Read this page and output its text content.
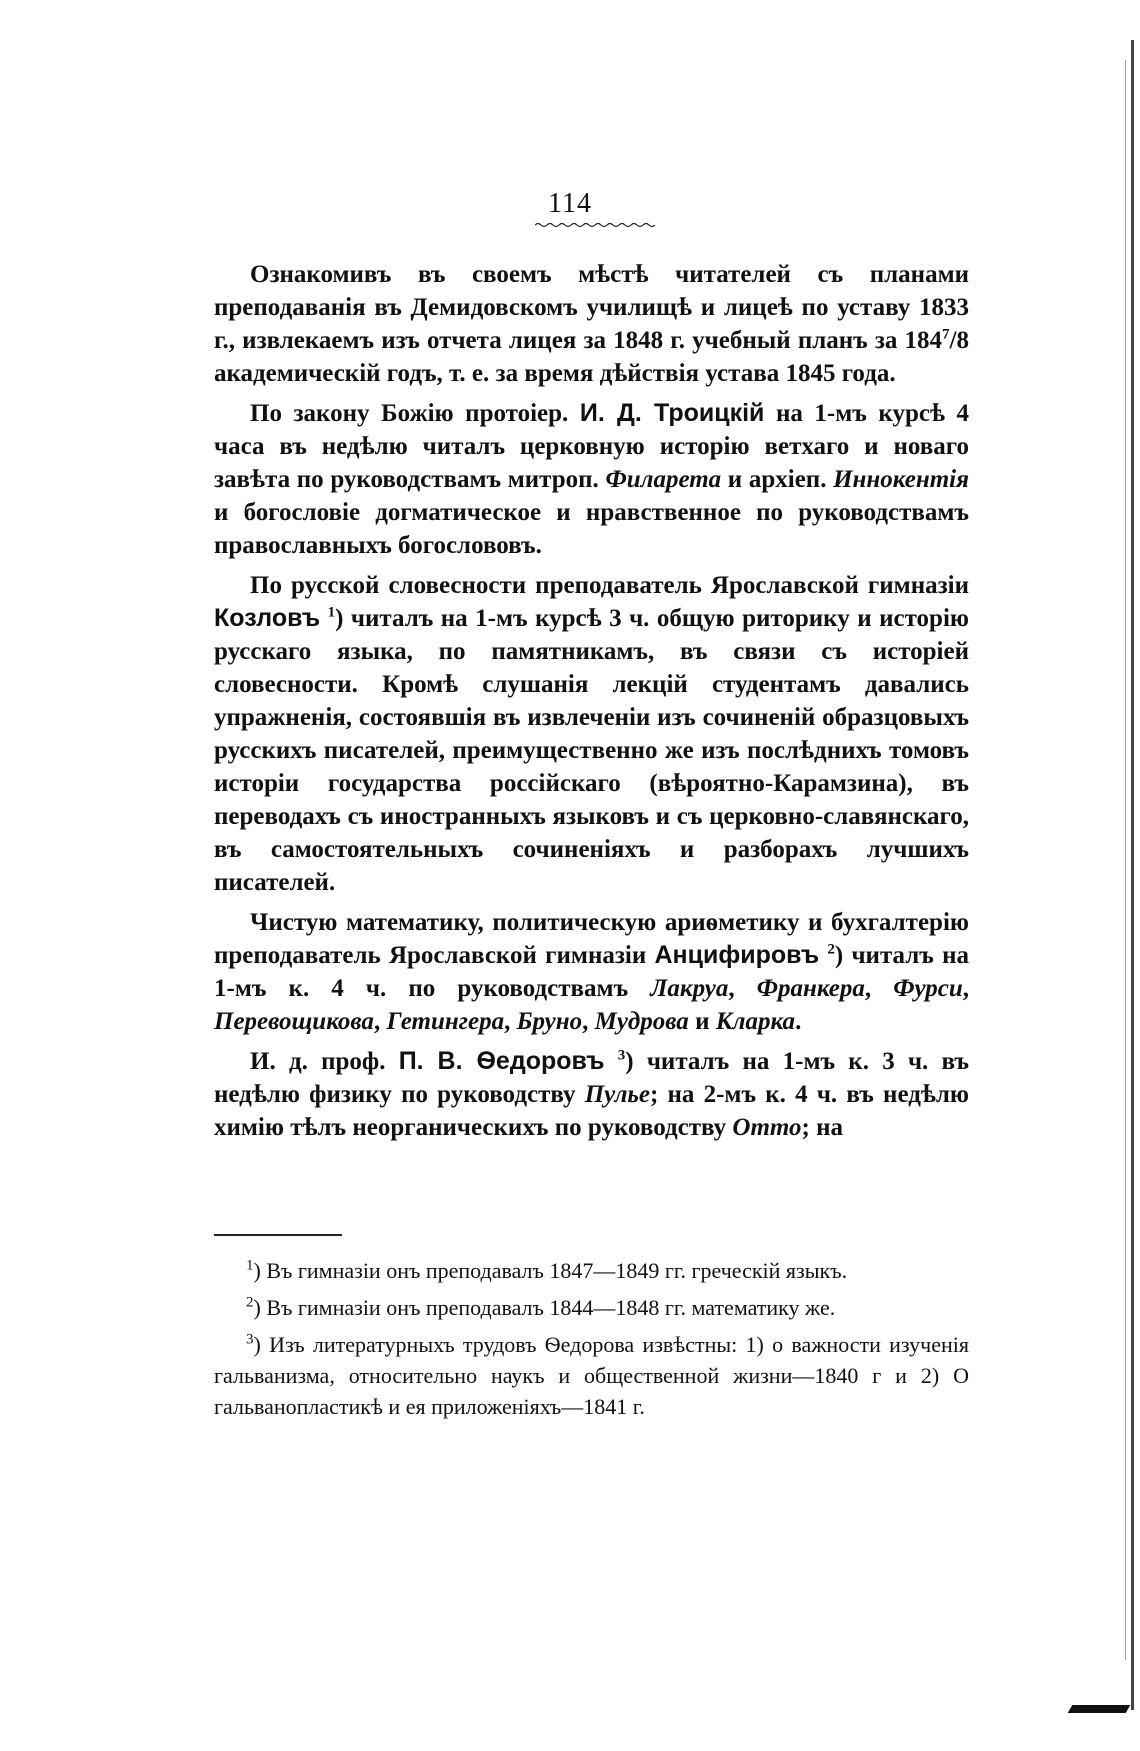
114

Ознакомивъ въ своемъ мѣстѣ читателей съ планами преподаванія въ Демидовскомъ училищѣ и лицеѣ по уставу 1833 г., извлекаемъ изъ отчета лицея за 1848 г. учебный планъ за $184^7/8$ академическій годъ, т. е. за время дѣйствія устава 1845 года.

По закону Божію протоіер. И. Д. Троицкій на 1-мъ курсѣ 4 часа въ недѣлю читалъ церковную исторію ветхаго и новаго завѣта по руководствамъ митроп. Филарета и архіеп. Иннокентія и богословіе догматическое и нравственное по руководствамъ православныхъ богослововъ.

По русской словесности преподаватель Ярославской гимназіи Козловъ $^1$) читалъ на 1-мъ курсѣ 3 ч. общую риторику и исторію русскаго языка, по памятникамъ, въ связи съ исторіей словесности. Кромѣ слушанія лекцій студентамъ давались упражненія, состоявшія въ извлеченіи изъ сочиненій образцовыхъ русскихъ писателей, преимущественно же изъ послѣднихъ томовъ исторіи государства россійскаго (вѣроятно-Карамзина), въ переводахъ съ иностранныхъ языковъ и съ церковно-славянскаго, въ самостоятельныхъ сочиненіяхъ и разборахъ лучшихъ писателей.

Чистую математику, политическую ариѳметику и бухгалтерію преподаватель Ярославской гимназіи Анцифировъ $^2$) читалъ на 1-мъ к. 4 ч. по руководствамъ Лакруа, Франкера, Фурси, Перевощикова, Гетингера, Бруно, Мудрова и Кларка.

И. д. проф. П. В. Ѳедоровъ $^3$) читалъ на 1-мъ к. 3 ч. въ недѣлю физику по руководству Пулье; на 2-мъ к. 4 ч. въ недѣлю химію тѣлъ неорганическихъ по руководству Отто; на

$^1$) Въ гимназіи онъ преподавалъ 1847—1849 гг. греческій языкъ.

$^2$) Въ гимназіи онъ преподавалъ 1844—1848 гг. математику же.

$^3$) Изъ литературныхъ трудовъ Ѳедорова извѣстны: 1) о важности изученія гальванизма, относительно наукъ и общественной жизни—1840 г и 2) О гальванопластикѣ и ея приложеніяхъ—1841 г.
